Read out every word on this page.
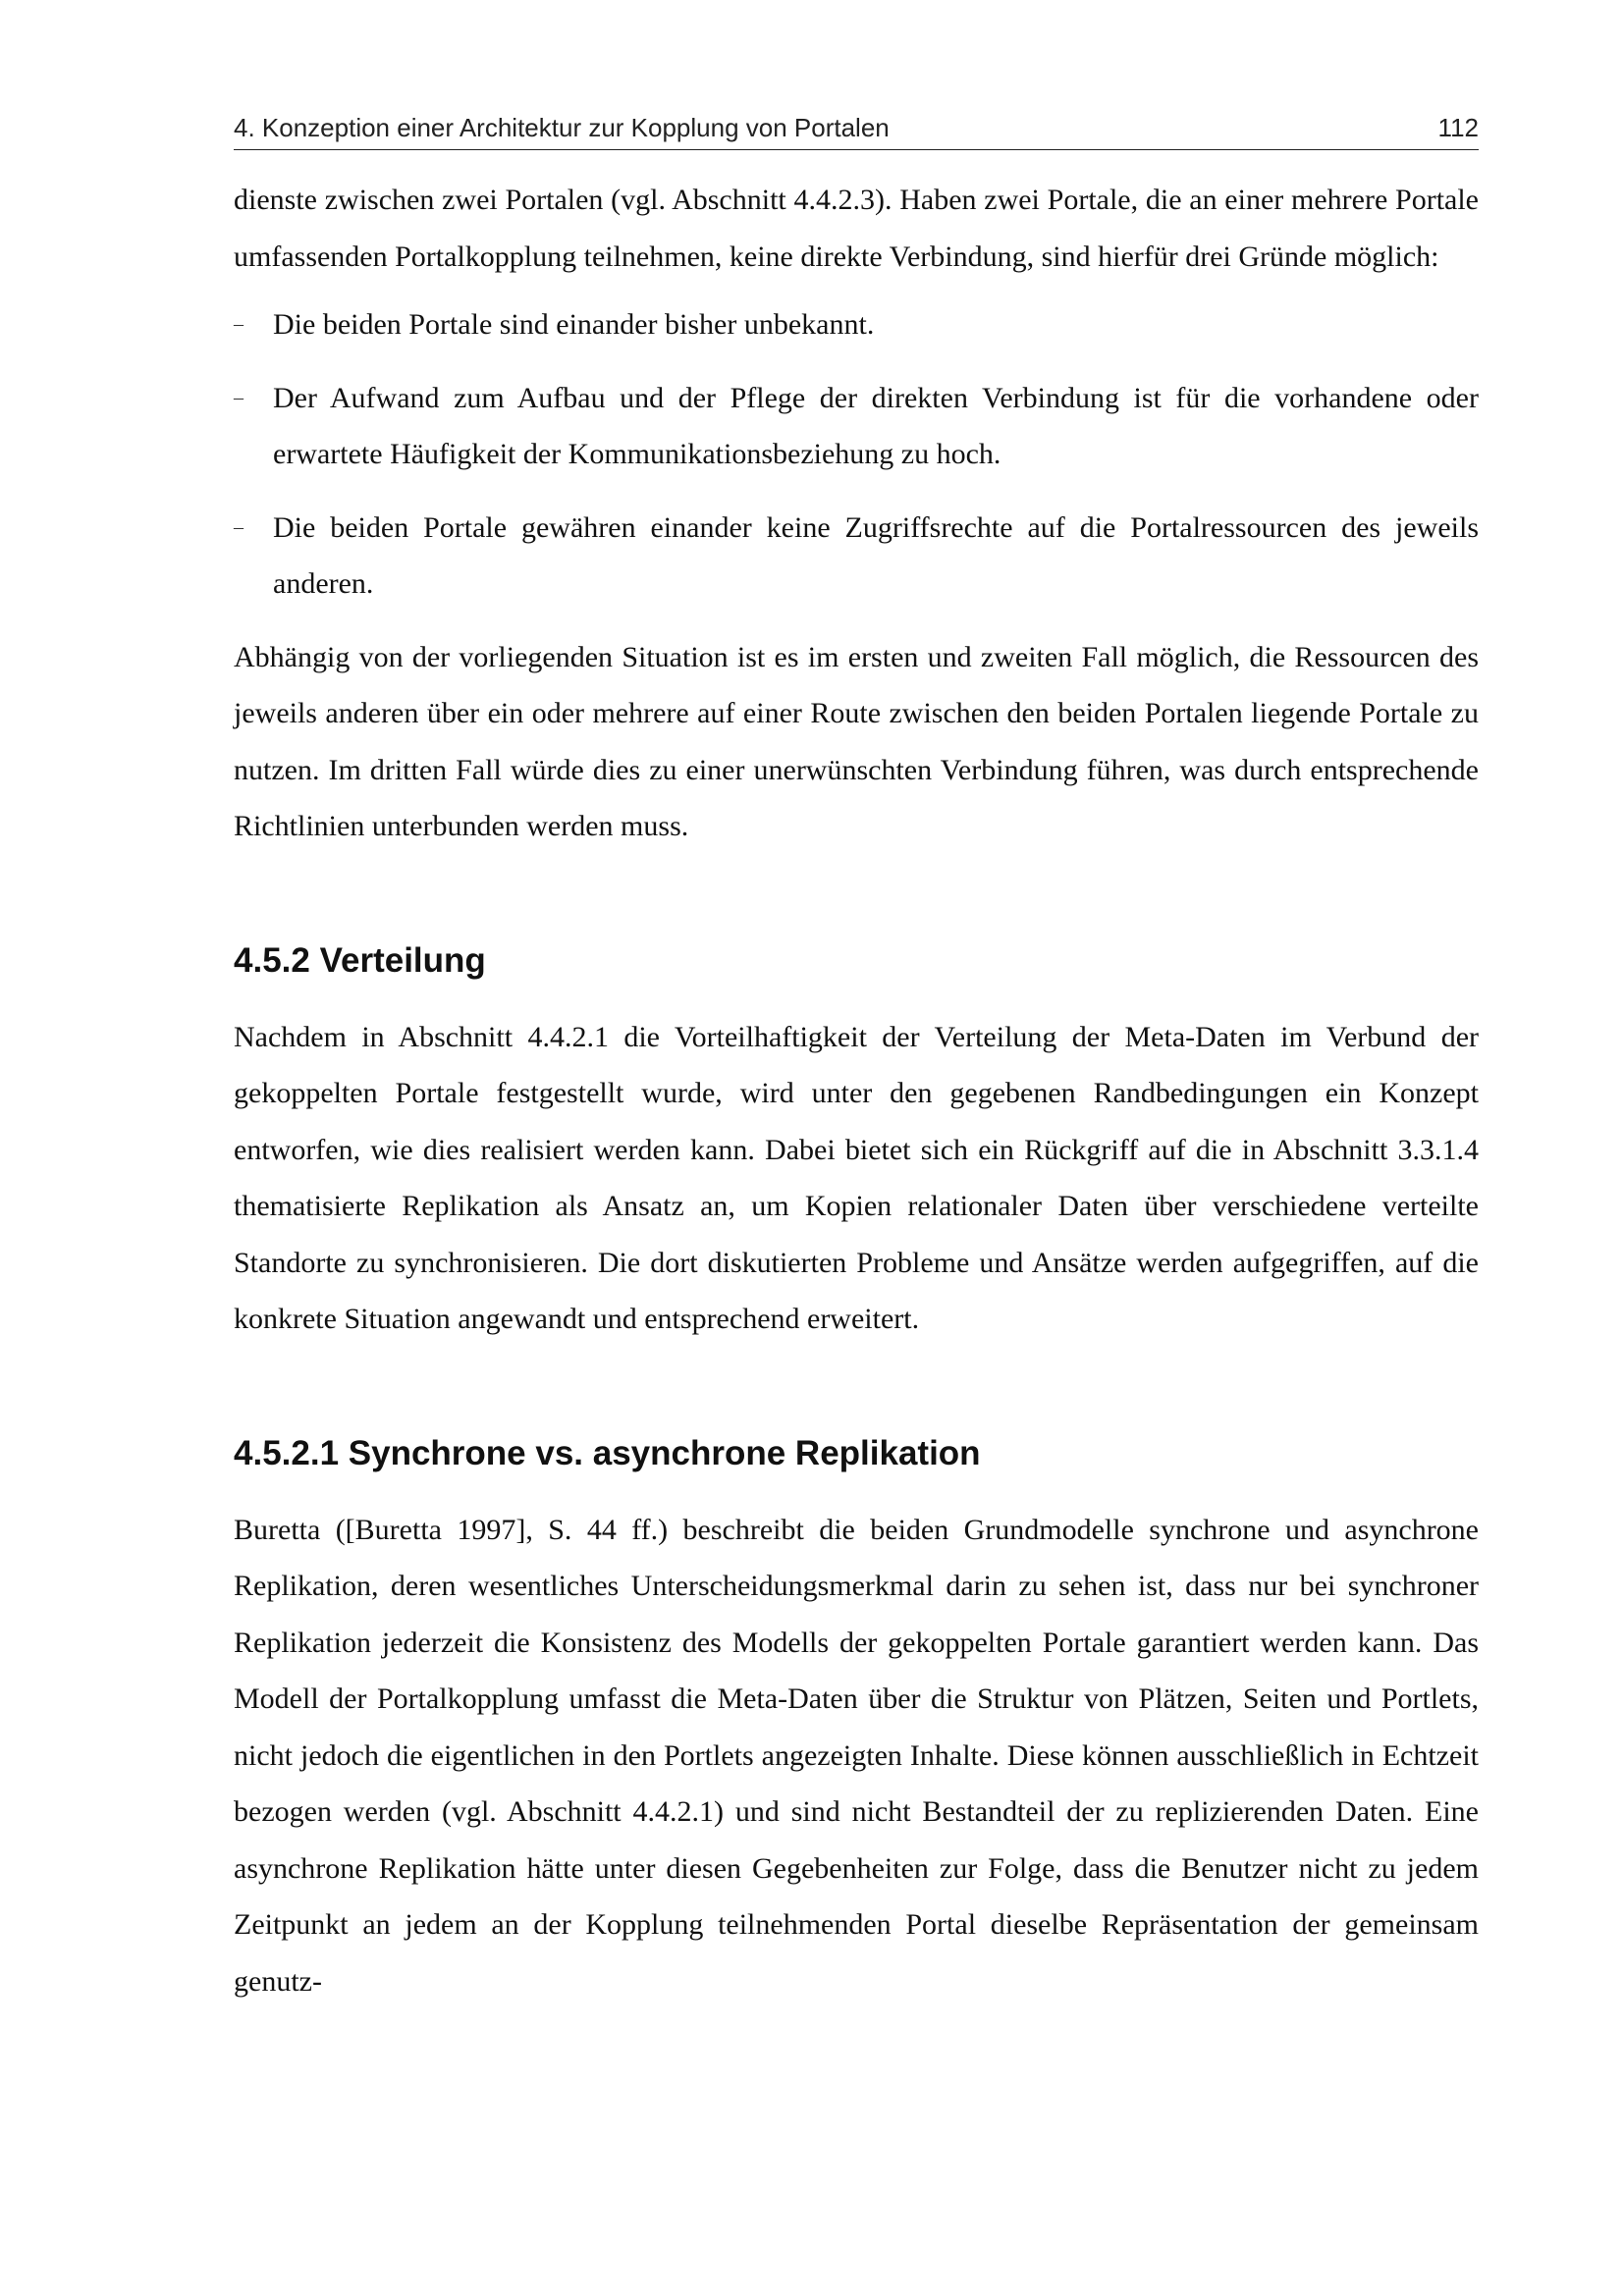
4. Konzeption einer Architektur zur Kopplung von Portalen	112

dienste zwischen zwei Portalen (vgl. Abschnitt 4.4.2.3). Haben zwei Portale, die an einer mehrere Portale umfassenden Portalkopplung teilnehmen, keine direkte Verbindung, sind hierfür drei Gründe möglich:

–	Die beiden Portale sind einander bisher unbekannt.
–	Der Aufwand zum Aufbau und der Pflege der direkten Verbindung ist für die vorhandene oder erwartete Häufigkeit der Kommunikationsbeziehung zu hoch.
–	Die beiden Portale gewähren einander keine Zugriffsrechte auf die Portalressourcen des jeweils anderen.

Abhängig von der vorliegenden Situation ist es im ersten und zweiten Fall möglich, die Ressourcen des jeweils anderen über ein oder mehrere auf einer Route zwischen den beiden Portalen liegende Portale zu nutzen. Im dritten Fall würde dies zu einer unerwünschten Verbindung führen, was durch entsprechende Richtlinien unterbunden werden muss.

4.5.2 Verteilung

Nachdem in Abschnitt 4.4.2.1 die Vorteilhaftigkeit der Verteilung der Meta-Daten im Verbund der gekoppelten Portale festgestellt wurde, wird unter den gegebenen Randbedingungen ein Konzept entworfen, wie dies realisiert werden kann. Dabei bietet sich ein Rückgriff auf die in Abschnitt 3.3.1.4 thematisierte Replikation als Ansatz an, um Kopien relationaler Daten über verschiedene verteilte Standorte zu synchronisieren. Die dort diskutierten Probleme und Ansätze werden aufgegriffen, auf die konkrete Situation angewandt und entsprechend erweitert.

4.5.2.1 Synchrone vs. asynchrone Replikation

Buretta ([Buretta 1997], S. 44 ff.) beschreibt die beiden Grundmodelle synchrone und asynchrone Replikation, deren wesentliches Unterscheidungsmerkmal darin zu sehen ist, dass nur bei synchroner Replikation jederzeit die Konsistenz des Modells der gekoppelten Portale garantiert werden kann. Das Modell der Portalkopplung umfasst die Meta-Daten über die Struktur von Plätzen, Seiten und Portlets, nicht jedoch die eigentlichen in den Portlets angezeigten Inhalte. Diese können ausschließlich in Echtzeit bezogen werden (vgl. Abschnitt 4.4.2.1) und sind nicht Bestandteil der zu replizierenden Daten. Eine asynchrone Replikation hätte unter diesen Gegebenheiten zur Folge, dass die Benutzer nicht zu jedem Zeitpunkt an jedem an der Kopplung teilnehmenden Portal dieselbe Repräsentation der gemeinsam genutz-
